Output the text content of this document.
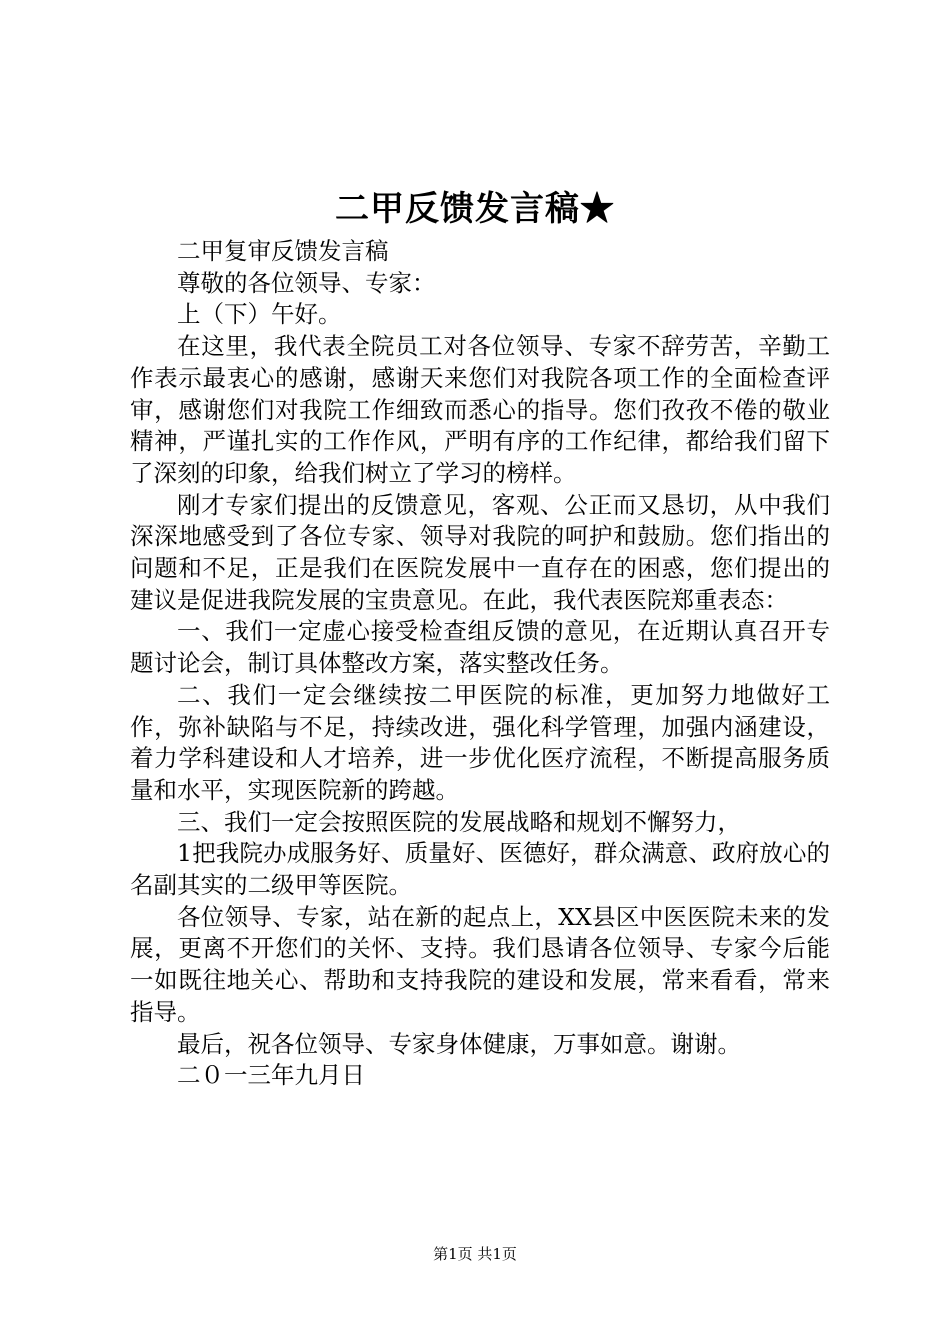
二甲反馈发言稿★

二甲复审反馈发言稿

尊敬的各位领导、专家：

上（下）午好。

在这里，我代表全院员工对各位领导、专家不辞劳苦，辛勤工作表示最衷心的感谢，感谢天来您们对我院各项工作的全面检查评审，感谢您们对我院工作细致而悉心的指导。您们孜孜不倦的敬业精神，严谨扎实的工作作风，严明有序的工作纪律，都给我们留下了深刻的印象，给我们树立了学习的榜样。

刚才专家们提出的反馈意见，客观、公正而又恳切，从中我们深深地感受到了各位专家、领导对我院的呵护和鼓励。您们指出的问题和不足，正是我们在医院发展中一直存在的困惑，您们提出的建议是促进我院发展的宝贵意见。在此，我代表医院郑重表态：

一、我们一定虚心接受检查组反馈的意见，在近期认真召开专题讨论会，制订具体整改方案，落实整改任务。

二、我们一定会继续按二甲医院的标准，更加努力地做好工作，弥补缺陷与不足，持续改进，强化科学管理，加强内涵建设，着力学科建设和人才培养，进一步优化医疗流程，不断提高服务质量和水平，实现医院新的跨越。

三、我们一定会按照医院的发展战略和规划不懈努力，

1把我院办成服务好、质量好、医德好，群众满意、政府放心的名副其实的二级甲等医院。

各位领导、专家，站在新的起点上，XX县区中医医院未来的发展，更离不开您们的关怀、支持。我们恳请各位领导、专家今后能一如既往地关心、帮助和支持我院的建设和发展，常来看看，常来指导。

最后，祝各位领导、专家身体健康，万事如意。谢谢。

二０一三年九月日

第1页 共1页
